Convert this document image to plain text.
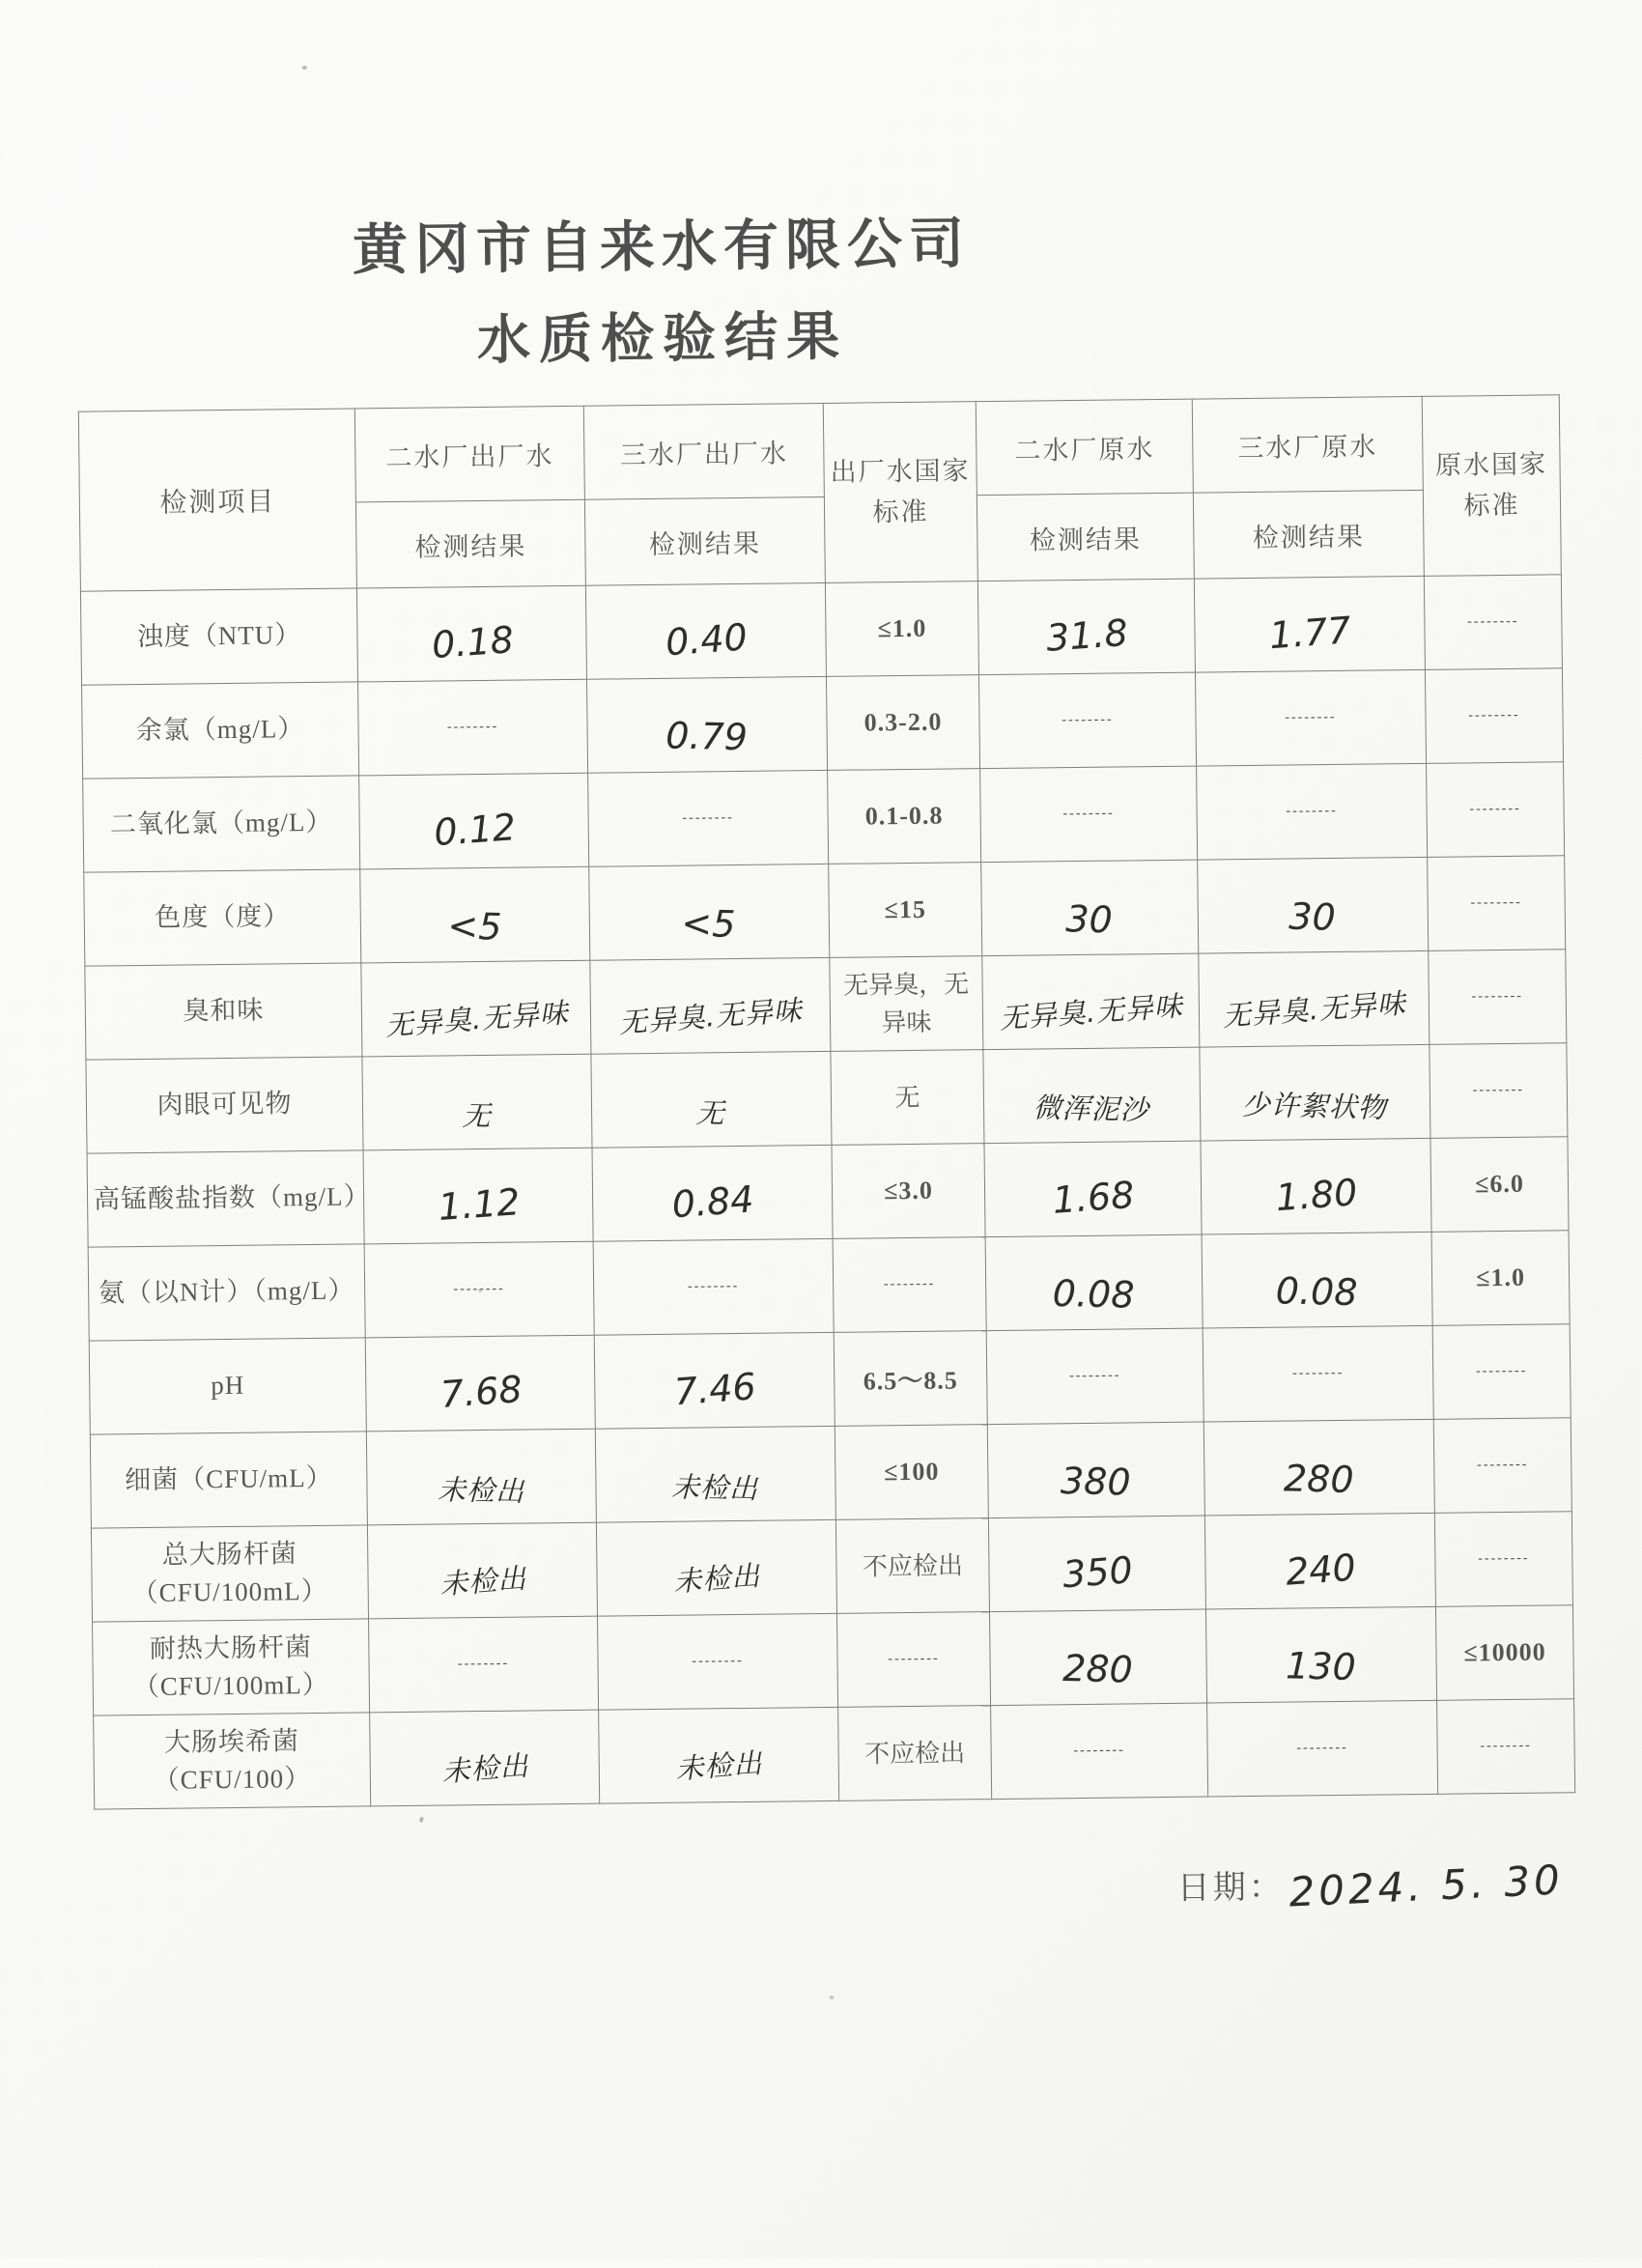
黄冈市自来水有限公司
水质检验结果
检测项目	二水厂出厂水	三水厂出厂水	出厂水国家标准	二水厂原水	三水厂原水	原水国家标准
	检测结果	检测结果		检测结果	检测结果	
浊度（NTU）	0.18	0.40	≤1.0	31.8	1.77	--------
余氯（mg/L）	--------	0.79	0.3-2.0	--------	--------	--------
二氧化氯（mg/L）	0.12	--------	0.1-0.8	--------	--------	--------
色度（度）	<5	<5	≤15	30	30	--------
臭和味	无异臭.无异味	无异臭.无异味	无异臭，无异味	无异臭.无异味	无异臭.无异味	--------
肉眼可见物	无	无	无	微浑泥沙	少许絮状物	--------
高锰酸盐指数（mg/L）	1.12	0.84	≤3.0	1.68	1.80	≤6.0
氨（以N计）（mg/L）	--------	--------	--------	0.08	0.08	≤1.0
pH	7.68	7.46	6.5～8.5	--------	--------	--------
细菌（CFU/mL）	未检出	未检出	≤100	380	280	--------
总大肠杆菌（CFU/100mL）	未检出	未检出	不应检出	350	240	--------
耐热大肠杆菌（CFU/100mL）	--------	--------	--------	280	130	≤10000
大肠埃希菌（CFU/100）	未检出	未检出	不应检出	--------	--------	--------
日期： 2024. 5. 30
